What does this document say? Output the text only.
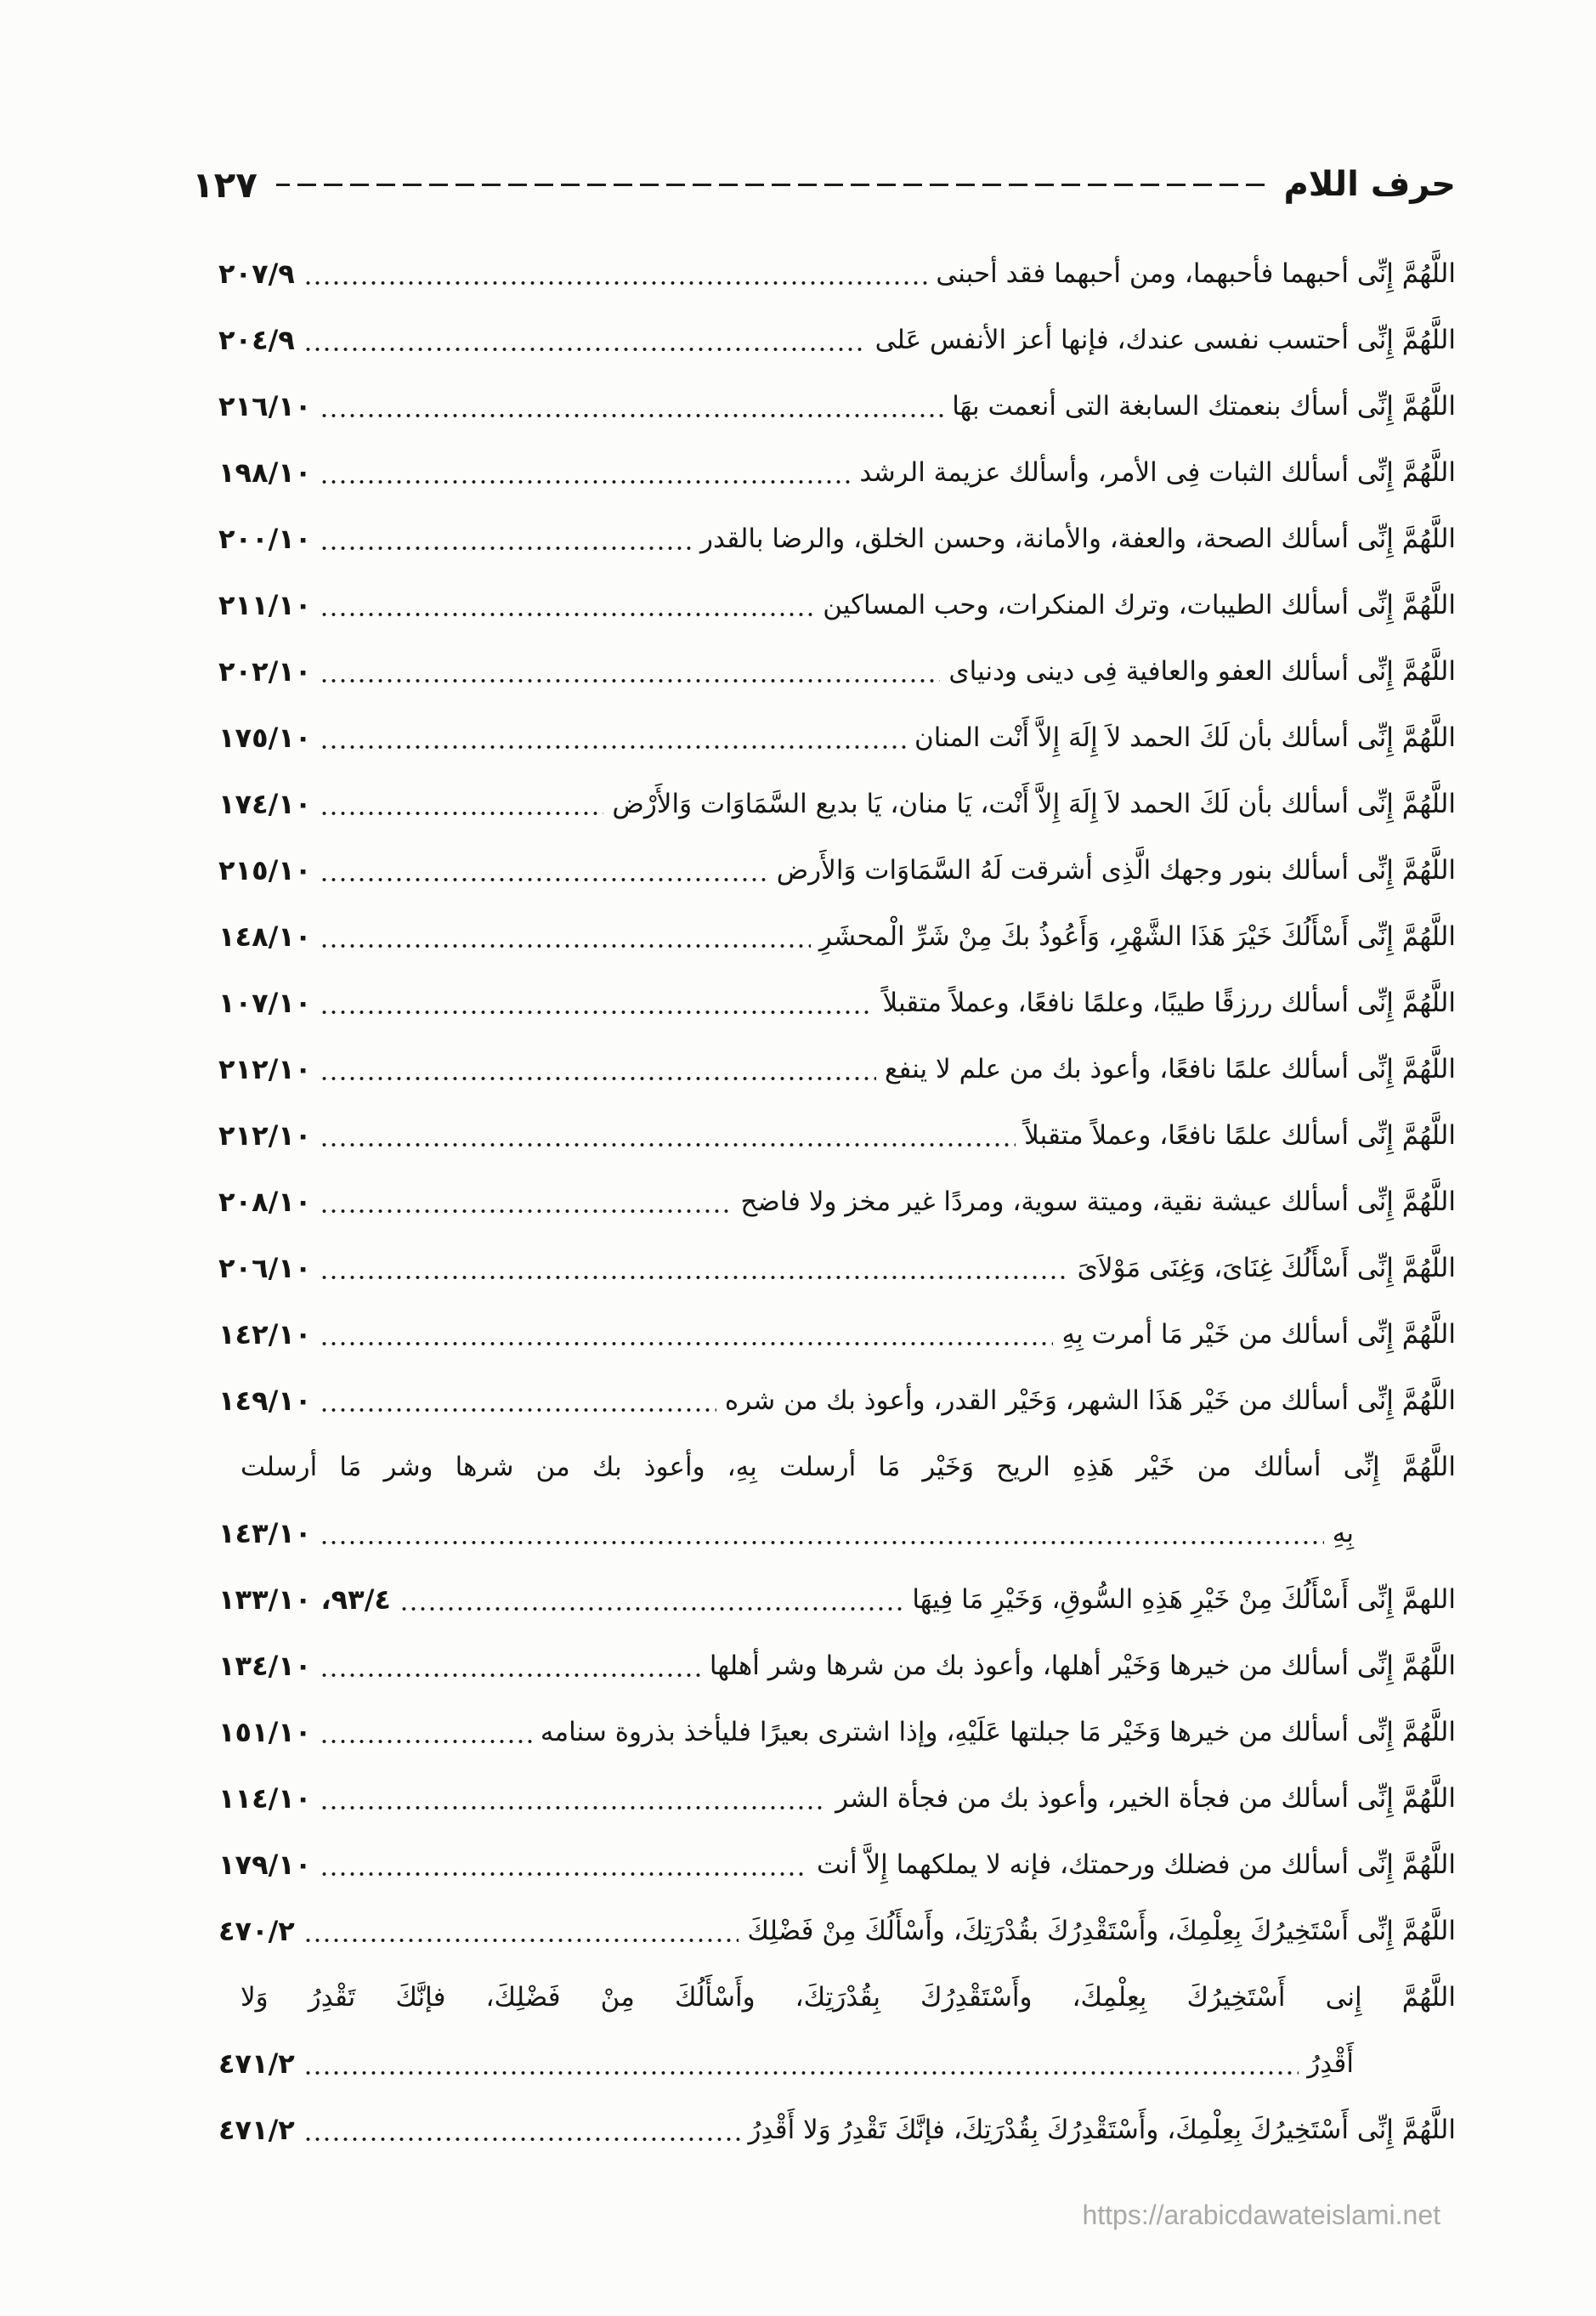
حرف اللام
١٢٧
اللَّهُمَّ إِنِّى أحبهما فأحبهما، ومن أحبهما فقد أحبنى
٢٠٧/٩
اللَّهُمَّ إِنِّى أحتسب نفسى عندك، فإنها أعز الأنفس عَلى
٢٠٤/٩
اللَّهُمَّ إِنِّى أسأك بنعمتك السابغة التى أنعمت بهَا
٢١٦/١٠
اللَّهُمَّ إِنِّى أسألك الثبات فِى الأمر، وأسألك عزيمة الرشد
١٩٨/١٠
اللَّهُمَّ إِنِّى أسألك الصحة، والعفة، والأمانة، وحسن الخلق، والرضا بالقدر
٢٠٠/١٠
اللَّهُمَّ إِنِّى أسألك الطيبات، وترك المنكرات، وحب المساكين
٢١١/١٠
اللَّهُمَّ إِنِّى أسألك العفو والعافية فِى دينى ودنياى
٢٠٢/١٠
اللَّهُمَّ إِنِّى أسألك بأن لَكَ الحمد لاَ إِلَهَ إِلاَّ أَنْت المنان
١٧٥/١٠
اللَّهُمَّ إِنِّى أسألك بأن لَكَ الحمد لاَ إِلَهَ إِلاَّ أَنْت، يَا منان، يَا بديع السَّمَاوَات وَالأَرْض
١٧٤/١٠
اللَّهُمَّ إِنِّى أسألك بنور وجهك الَّذِى أشرقت لَهُ السَّمَاوَات وَالأَرض
٢١٥/١٠
اللَّهُمَّ إِنِّى أَسْأَلُكَ خَيْرَ هَذَا الشَّهْرِ، وَأَعُوذُ بكَ مِنْ شَرِّ الْمحشَرِ
١٤٨/١٠
اللَّهُمَّ إِنِّى أسألك ررزقًا طيبًا، وعلمًا نافعًا، وعملاً متقبلاً
١٠٧/١٠
اللَّهُمَّ إِنِّى أسألك علمًا نافعًا، وأعوذ بك من علم لا ينفع
٢١٢/١٠
اللَّهُمَّ إِنِّى أسألك علمًا نافعًا، وعملاً متقبلاً
٢١٢/١٠
اللَّهُمَّ إِنِّى أسألك عيشة نقية، وميتة سوية، ومردًا غير مخز ولا فاضح
٢٠٨/١٠
اللَّهُمَّ إِنِّى أَسْأَلُكَ غِنَاىَ، وَغِنَى مَوْلاَىَ
٢٠٦/١٠
اللَّهُمَّ إِنِّى أسألك من خَيْر مَا أمرت بِهِ
١٤٢/١٠
اللَّهُمَّ إِنِّى أسألك من خَيْر هَذَا الشهر، وَخَيْر القدر، وأعوذ بك من شره
١٤٩/١٠
اللَّهُمَّ إِنِّى أسألك من خَيْر هَذِهِ الريح وَخَيْر مَا أرسلت بِهِ، وأعوذ بك من شرها وشر مَا أرسلت
بِهِ
١٤٣/١٠
اللهمَّ إِنِّى أَسْأَلُكَ مِنْ خَيْرِ هَذِهِ السُّوقِ، وَخَيْرِ مَا فِيهَا
٩٣/٤، ١٣٣/١٠
اللَّهُمَّ إِنِّى أسألك من خيرها وَخَيْر أهلها، وأعوذ بك من شرها وشر أهلها
١٣٤/١٠
اللَّهُمَّ إِنِّى أسألك من خيرها وَخَيْر مَا جبلتها عَلَيْهِ، وإذا اشترى بعيرًا فليأخذ بذروة سنامه
١٥١/١٠
اللَّهُمَّ إِنِّى أسألك من فجأة الخير، وأعوذ بك من فجأة الشر
١١٤/١٠
اللَّهُمَّ إِنِّى أسألك من فضلك ورحمتك، فإنه لا يملكهما إِلاَّ أنت
١٧٩/١٠
اللَّهُمَّ إِنِّى أَسْتَخِيرُكَ بِعِلْمِكَ، وأَسْتَقْدِرُكَ بقُدْرَتِكَ، وأَسْأَلُكَ مِنْ فَضْلِكَ
٤٧٠/٢
اللَّهُمَّ إِنى أَسْتَخِيرُكَ بِعِلْمِكَ، وأَسْتَقْدِرُكَ بِقُدْرَتِكَ، وأَسْأَلُكَ مِنْ فَضْلِكَ، فإنَّكَ تَقْدِرُ وَلا
أَقْدِرُ
٤٧١/٢
اللَّهُمَّ إِنِّى أَسْتَخِيرُكَ بِعِلْمِكَ، وأَسْتَقْدِرُكَ بِقُدْرَتِكَ، فإنَّكَ تَقْدِرُ وَلا أَقْدِرُ
٤٧١/٢
https://arabicdawateislami.net
